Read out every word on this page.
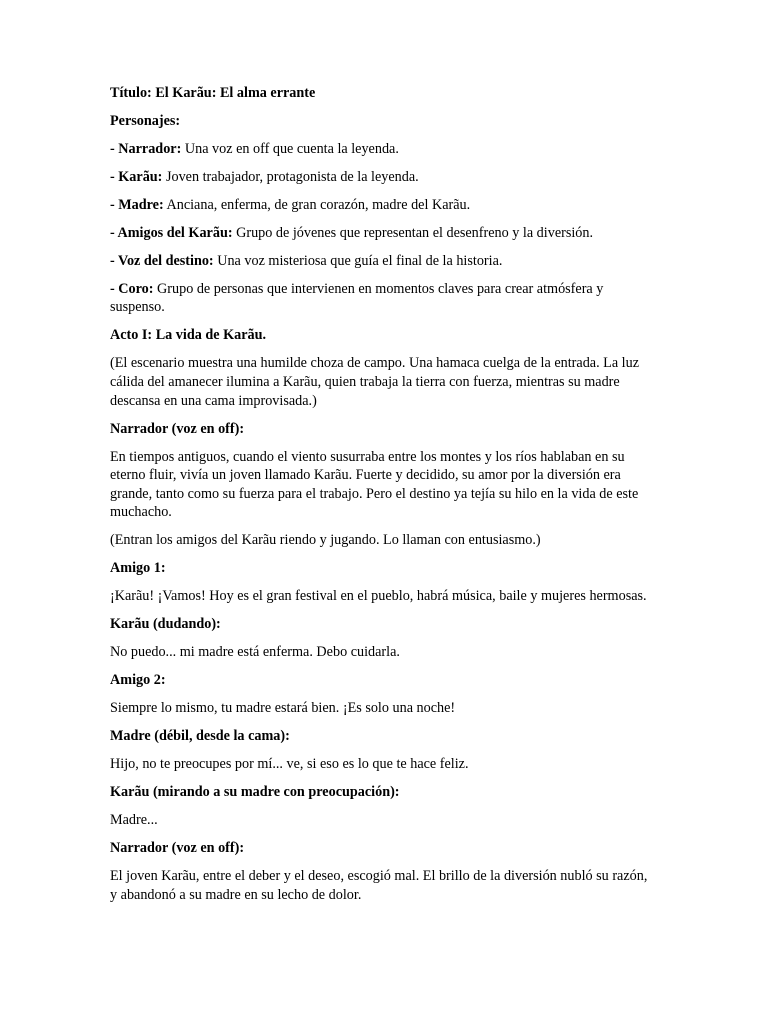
Título: El Karãu: El alma errante

Personajes:

- Narrador: Una voz en off que cuenta la leyenda.

- Karãu: Joven trabajador, protagonista de la leyenda.

- Madre: Anciana, enferma, de gran corazón, madre del Karãu.

- Amigos del Karãu: Grupo de jóvenes que representan el desenfreno y la diversión.

- Voz del destino: Una voz misteriosa que guía el final de la historia.

- Coro: Grupo de personas que intervienen en momentos claves para crear atmósfera y suspenso.

Acto I: La vida de Karãu.

(El escenario muestra una humilde choza de campo. Una hamaca cuelga de la entrada. La luz cálida del amanecer ilumina a Karãu, quien trabaja la tierra con fuerza, mientras su madre descansa en una cama improvisada.)

Narrador (voz en off):

En tiempos antiguos, cuando el viento susurraba entre los montes y los ríos hablaban en su eterno fluir, vivía un joven llamado Karãu. Fuerte y decidido, su amor por la diversión era grande, tanto como su fuerza para el trabajo. Pero el destino ya tejía su hilo en la vida de este muchacho.

(Entran los amigos del Karãu riendo y jugando. Lo llaman con entusiasmo.)

Amigo 1:

¡Karãu! ¡Vamos! Hoy es el gran festival en el pueblo, habrá música, baile y mujeres hermosas.

Karãu (dudando):

No puedo... mi madre está enferma. Debo cuidarla.

Amigo 2:

Siempre lo mismo, tu madre estará bien. ¡Es solo una noche!

Madre (débil, desde la cama):

Hijo, no te preocupes por mí... ve, si eso es lo que te hace feliz.

Karãu (mirando a su madre con preocupación):

Madre...

Narrador (voz en off):

El joven Karãu, entre el deber y el deseo, escogió mal. El brillo de la diversión nubló su razón, y abandonó a su madre en su lecho de dolor.
